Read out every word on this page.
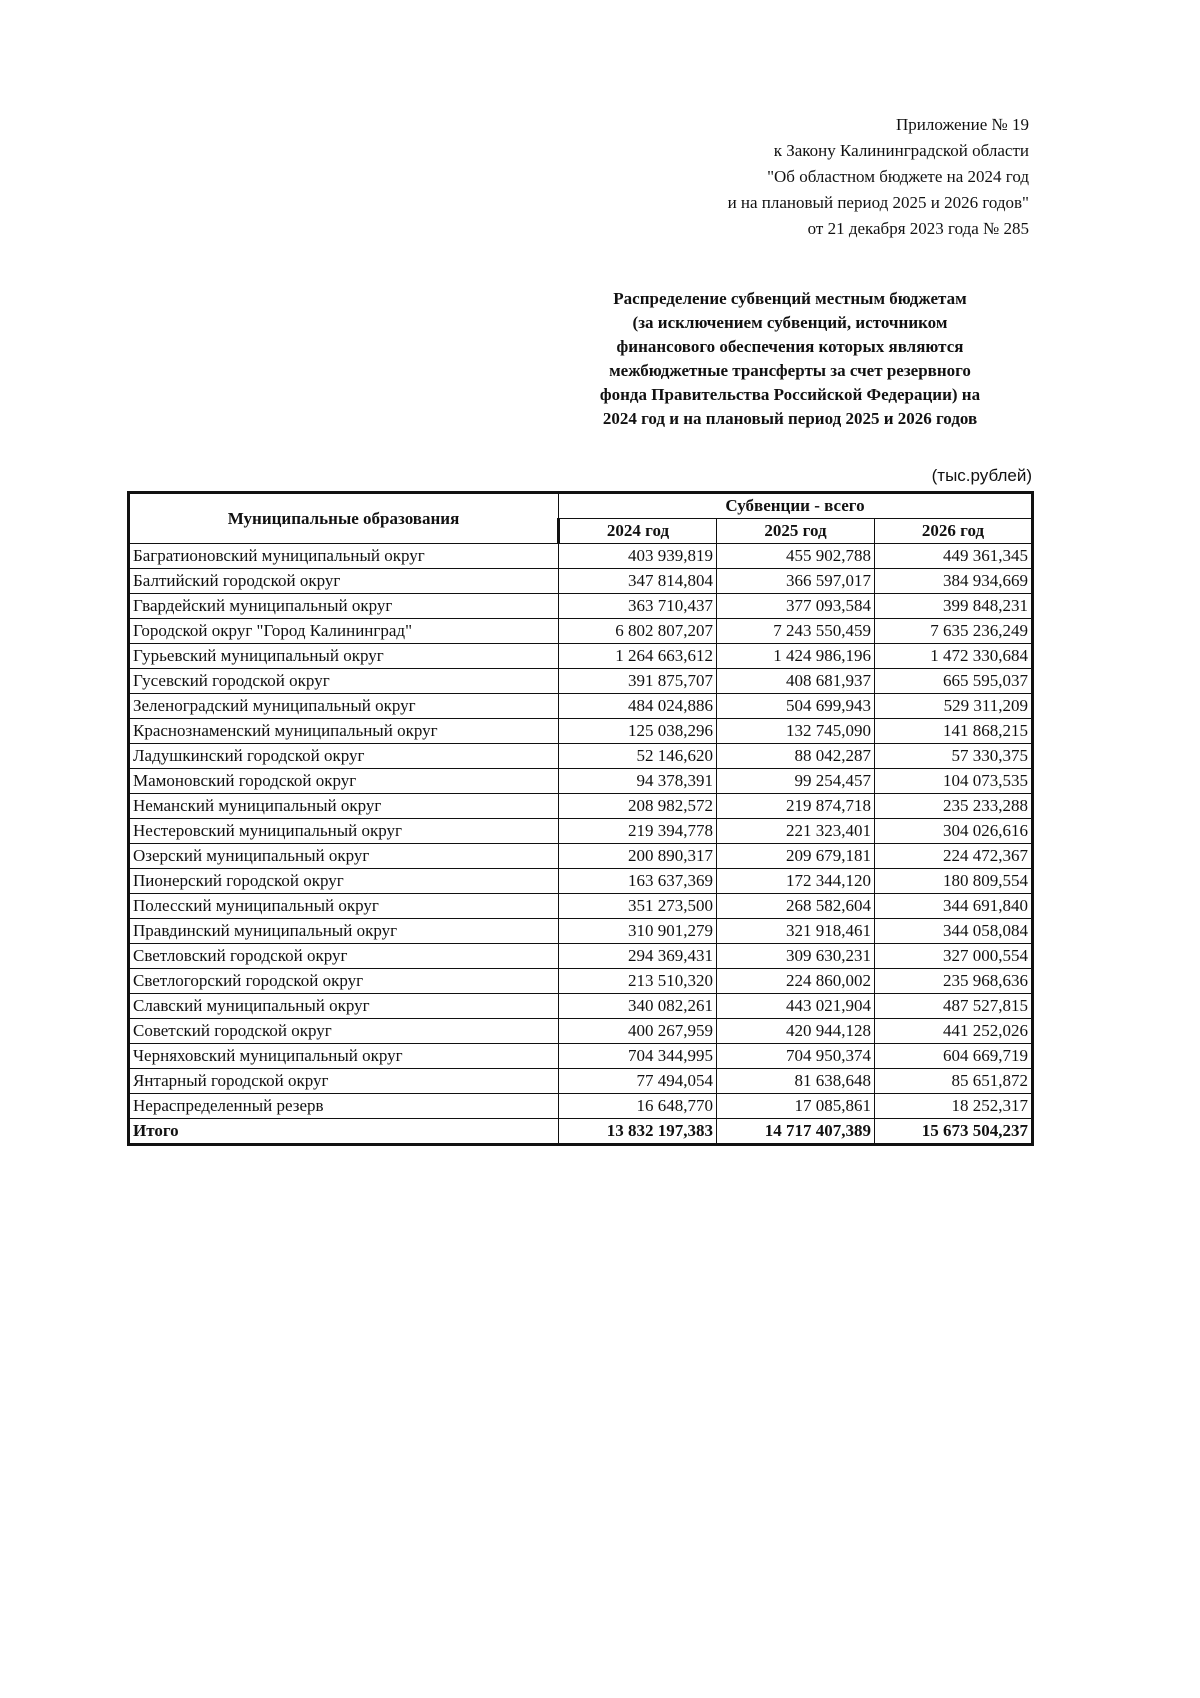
Приложение № 19
к Закону Калининградской области
"Об областном бюджете на 2024 год
и на плановый период 2025 и 2026 годов"
от 21 декабря 2023 года № 285
Распределение субвенций местным бюджетам
(за исключением субвенций, источником
финансового обеспечения которых являются
межбюджетные трансферты за счет резервного
фонда Правительства Российской Федерации) на
2024 год и на плановый период 2025 и 2026 годов
(тыс.рублей)
Муниципальные образования	Субвенции - всего		
	2024 год	2025 год	2026 год
Багратионовский муниципальный округ	403 939,819	455 902,788	449 361,345
Балтийский городской округ	347 814,804	366 597,017	384 934,669
Гвардейский муниципальный округ	363 710,437	377 093,584	399 848,231
Городской округ "Город Калининград"	6 802 807,207	7 243 550,459	7 635 236,249
Гурьевский муниципальный округ	1 264 663,612	1 424 986,196	1 472 330,684
Гусевский городской округ	391 875,707	408 681,937	665 595,037
Зеленоградский муниципальный округ	484 024,886	504 699,943	529 311,209
Краснознаменский муниципальный округ	125 038,296	132 745,090	141 868,215
Ладушкинский городской округ	52 146,620	88 042,287	57 330,375
Мамоновский городской округ	94 378,391	99 254,457	104 073,535
Неманский муниципальный округ	208 982,572	219 874,718	235 233,288
Нестеровский муниципальный округ	219 394,778	221 323,401	304 026,616
Озерский муниципальный округ	200 890,317	209 679,181	224 472,367
Пионерский городской округ	163 637,369	172 344,120	180 809,554
Полесский муниципальный округ	351 273,500	268 582,604	344 691,840
Правдинский муниципальный округ	310 901,279	321 918,461	344 058,084
Светловский городской округ	294 369,431	309 630,231	327 000,554
Светлогорский городской округ	213 510,320	224 860,002	235 968,636
Славский муниципальный округ	340 082,261	443 021,904	487 527,815
Советский городской округ	400 267,959	420 944,128	441 252,026
Черняховский муниципальный округ	704 344,995	704 950,374	604 669,719
Янтарный городской округ	77 494,054	81 638,648	85 651,872
Нераспределенный резерв	16 648,770	17 085,861	18 252,317
Итого	13 832 197,383	14 717 407,389	15 673 504,237
